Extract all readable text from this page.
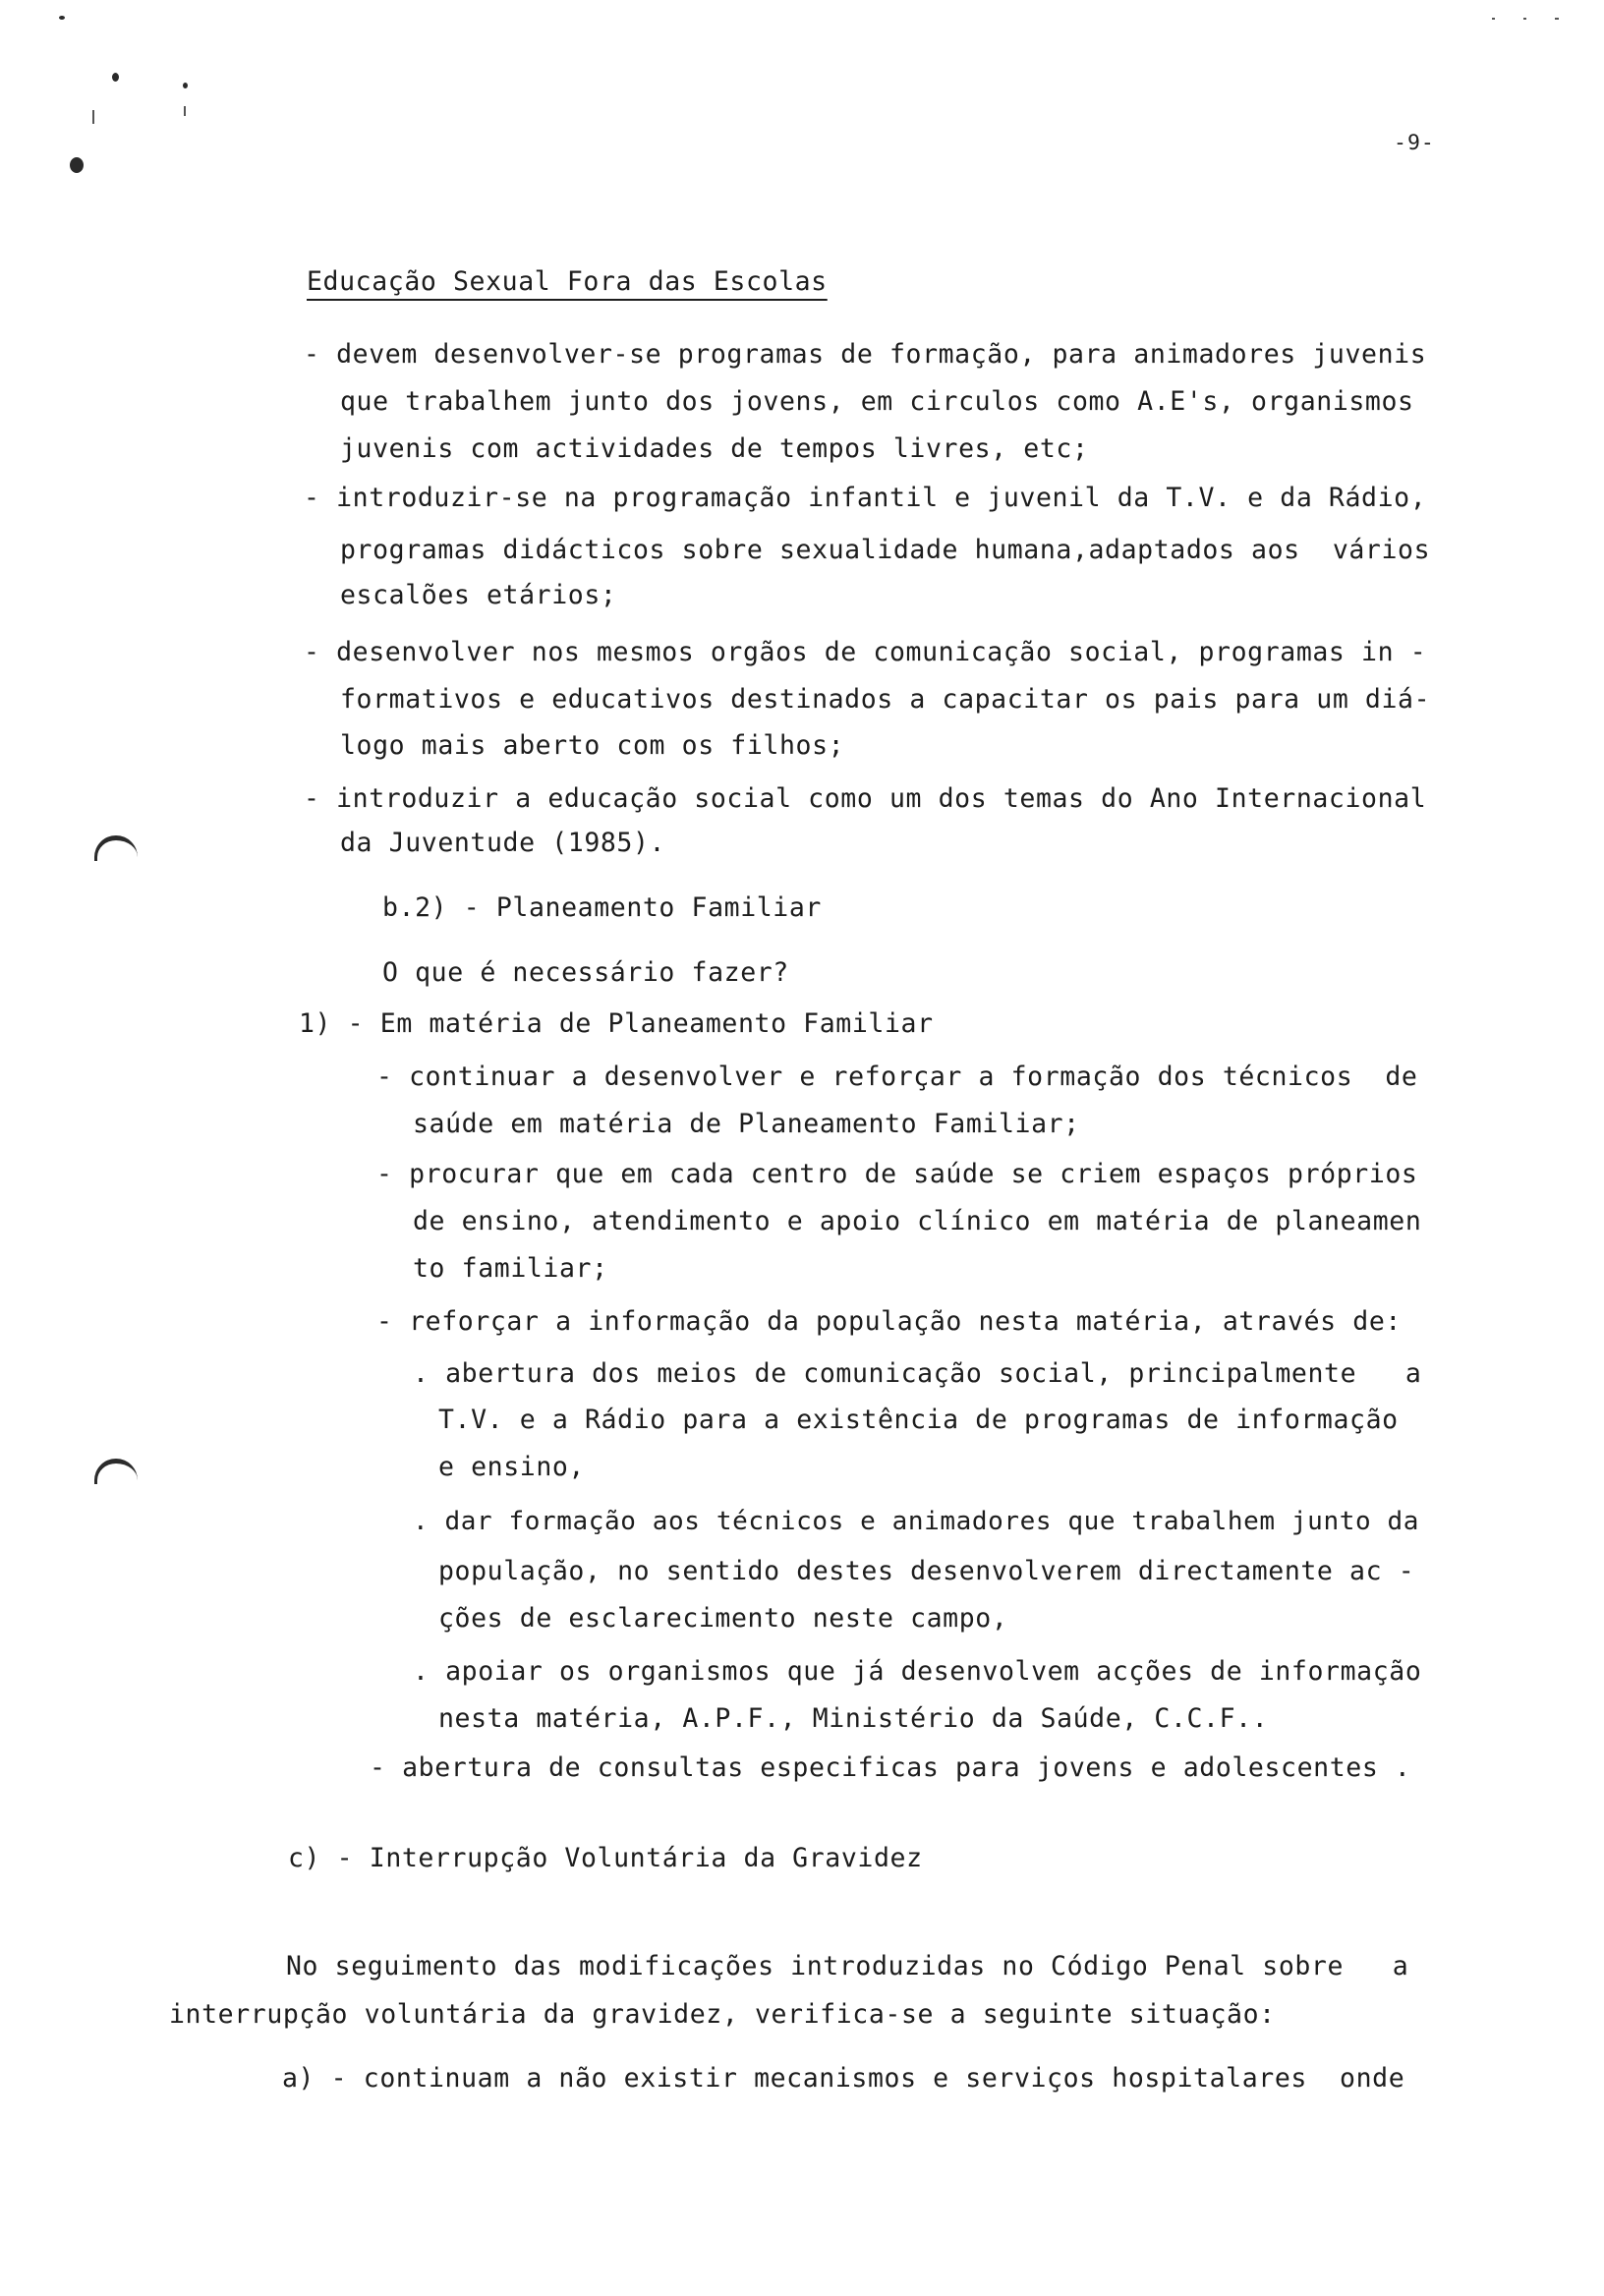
-9-
Educação Sexual Fora das Escolas
- devem desenvolver-se programas de formação, para animadores juvenis
que trabalhem junto dos jovens, em circulos como A.E's, organismos
juvenis com actividades de tempos livres, etc;
- introduzir-se na programação infantil e juvenil da T.V. e da Rádio,
programas didácticos sobre sexualidade humana,adaptados aos  vários
escalões etários;
- desenvolver nos mesmos orgãos de comunicação social, programas in -
formativos e educativos destinados a capacitar os pais para um diá-
logo mais aberto com os filhos;
- introduzir a educação social como um dos temas do Ano Internacional
da Juventude (1985).
b.2) - Planeamento Familiar
O que é necessário fazer?
1) - Em matéria de Planeamento Familiar
- continuar a desenvolver e reforçar a formação dos técnicos  de
saúde em matéria de Planeamento Familiar;
- procurar que em cada centro de saúde se criem espaços próprios
de ensino, atendimento e apoio clínico em matéria de planeamen
to familiar;
- reforçar a informação da população nesta matéria, através de:
. abertura dos meios de comunicação social, principalmente   a
T.V. e a Rádio para a existência de programas de informação
e ensino,
. dar formação aos técnicos e animadores que trabalhem junto da
população, no sentido destes desenvolverem directamente ac -
ções de esclarecimento neste campo,
. apoiar os organismos que já desenvolvem acções de informação
nesta matéria, A.P.F., Ministério da Saúde, C.C.F..
- abertura de consultas especificas para jovens e adolescentes .
c) - Interrupção Voluntária da Gravidez
No seguimento das modificações introduzidas no Código Penal sobre   a
interrupção voluntária da gravidez, verifica-se a seguinte situação:
a) - continuam a não existir mecanismos e serviços hospitalares  onde
